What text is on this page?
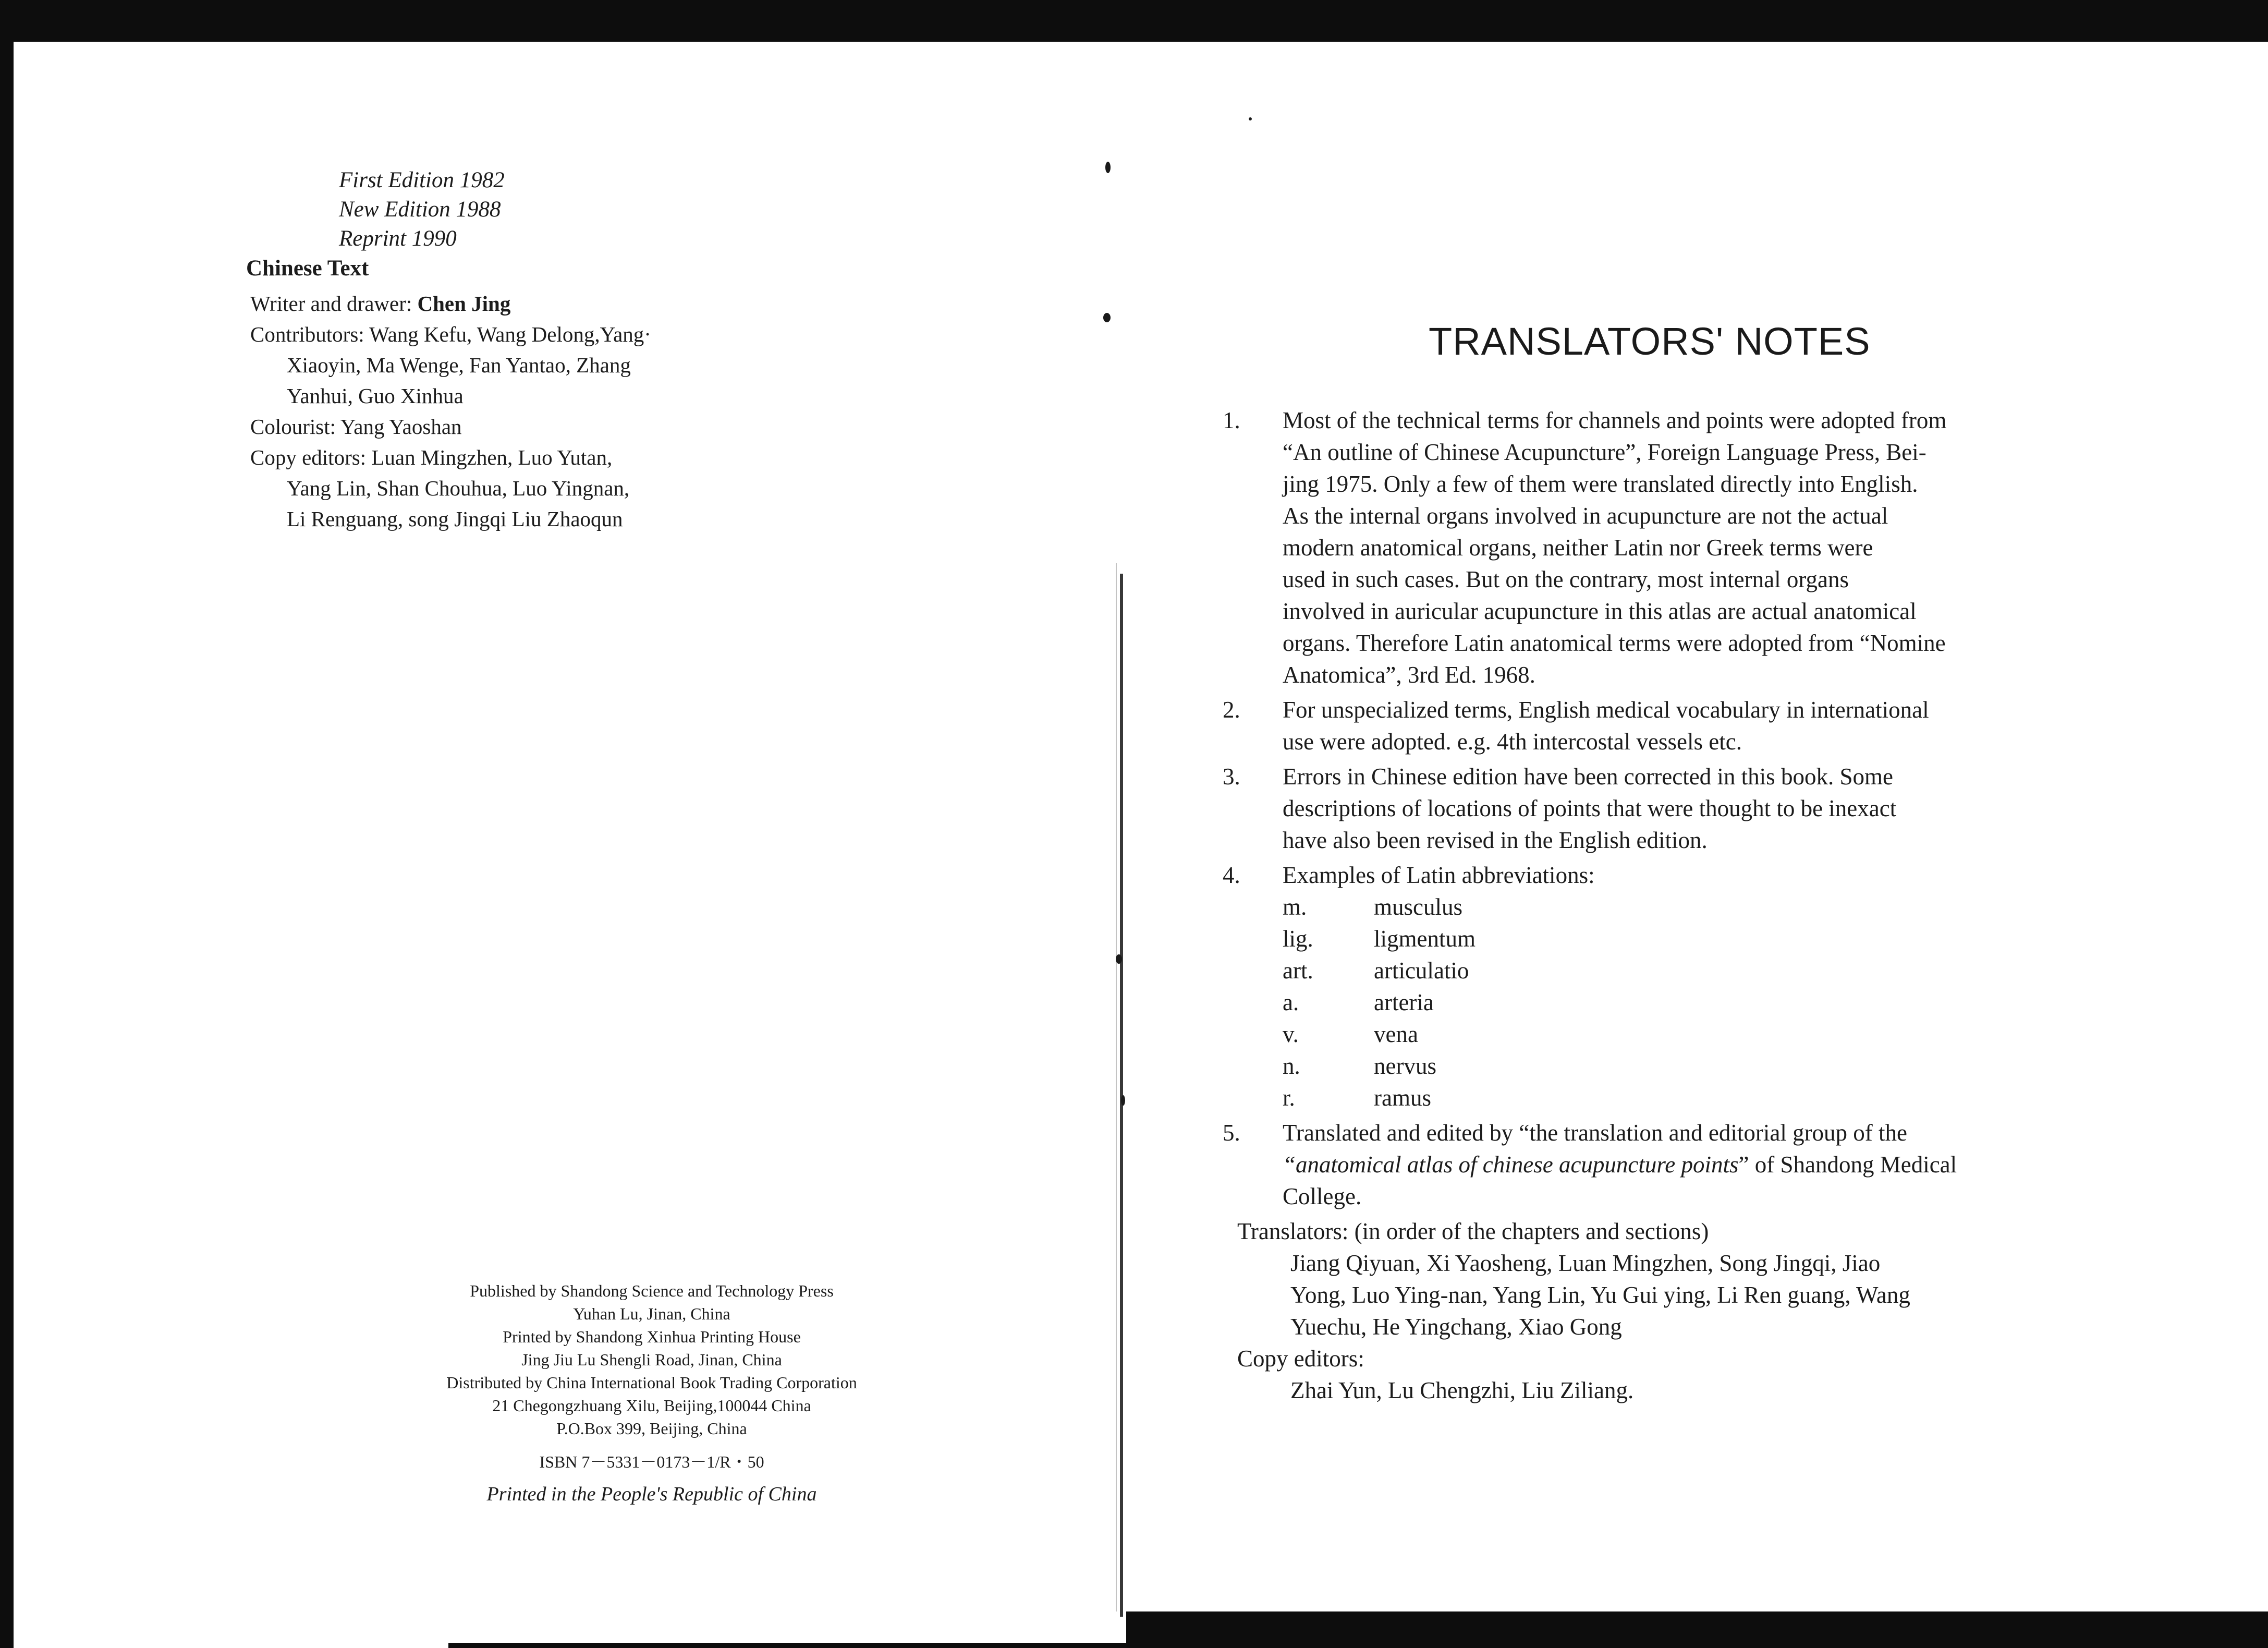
First Edition 1982
New Edition 1988
Reprint 1990
Chinese Text
Writer and drawer: Chen Jing
Contributors: Wang Kefu, Wang Delong,Yang·
Xiaoyin, Ma Wenge, Fan Yantao, Zhang
Yanhui, Guo Xinhua
Colourist: Yang Yaoshan
Copy editors: Luan Mingzhen, Luo Yutan,
Yang Lin, Shan Chouhua, Luo Yingnan,
Li Renguang, song Jingqi Liu Zhaoqun
Published by Shandong Science and Technology Press
Yuhan Lu, Jinan, China
Printed by Shandong Xinhua Printing House
Jing Jiu Lu Shengli Road, Jinan, China
Distributed by China International Book Trading Corporation
21 Chegongzhuang Xilu, Beijing,100044 China
P.O.Box 399, Beijing, China
ISBN 7－5331－0173－1/R・50
Printed in the People's Republic of China
TRANSLATORS' NOTES
1.	Most of the technical terms for channels and points were adopted from
“An outline of Chinese Acupuncture”, Foreign Language Press, Bei-
jing 1975. Only a few of them were translated directly into English.
As the internal organs involved in acupuncture are not the actual
modern anatomical organs, neither Latin nor Greek terms were
used in such cases. But on the contrary, most internal organs
involved in auricular acupuncture in this atlas are actual anatomical
organs. Therefore Latin anatomical terms were adopted from “Nomine
Anatomica”, 3rd Ed. 1968.
2.	For unspecialized terms, English medical vocabulary in international
use were adopted. e.g. 4th intercostal vessels etc.
3.	Errors in Chinese edition have been corrected in this book. Some
descriptions of locations of points that were thought to be inexact
have also been revised in the English edition.
4.	Examples of Latin abbreviations:
m.	musculus
lig.	ligmentum
art.	articulatio
a.	arteria
v.	vena
n.	nervus
r.	ramus
5.	Translated and edited by “the translation and editorial group of the
“anatomical atlas of chinese acupuncture points” of Shandong Medical
College.
Translators: (in order of the chapters and sections)
Jiang Qiyuan, Xi Yaosheng, Luan Mingzhen, Song Jingqi, Jiao
Yong, Luo Ying-nan, Yang Lin, Yu Gui ying, Li Ren guang, Wang
Yuechu, He Yingchang, Xiao Gong
Copy editors:
Zhai Yun, Lu Chengzhi, Liu Ziliang.
